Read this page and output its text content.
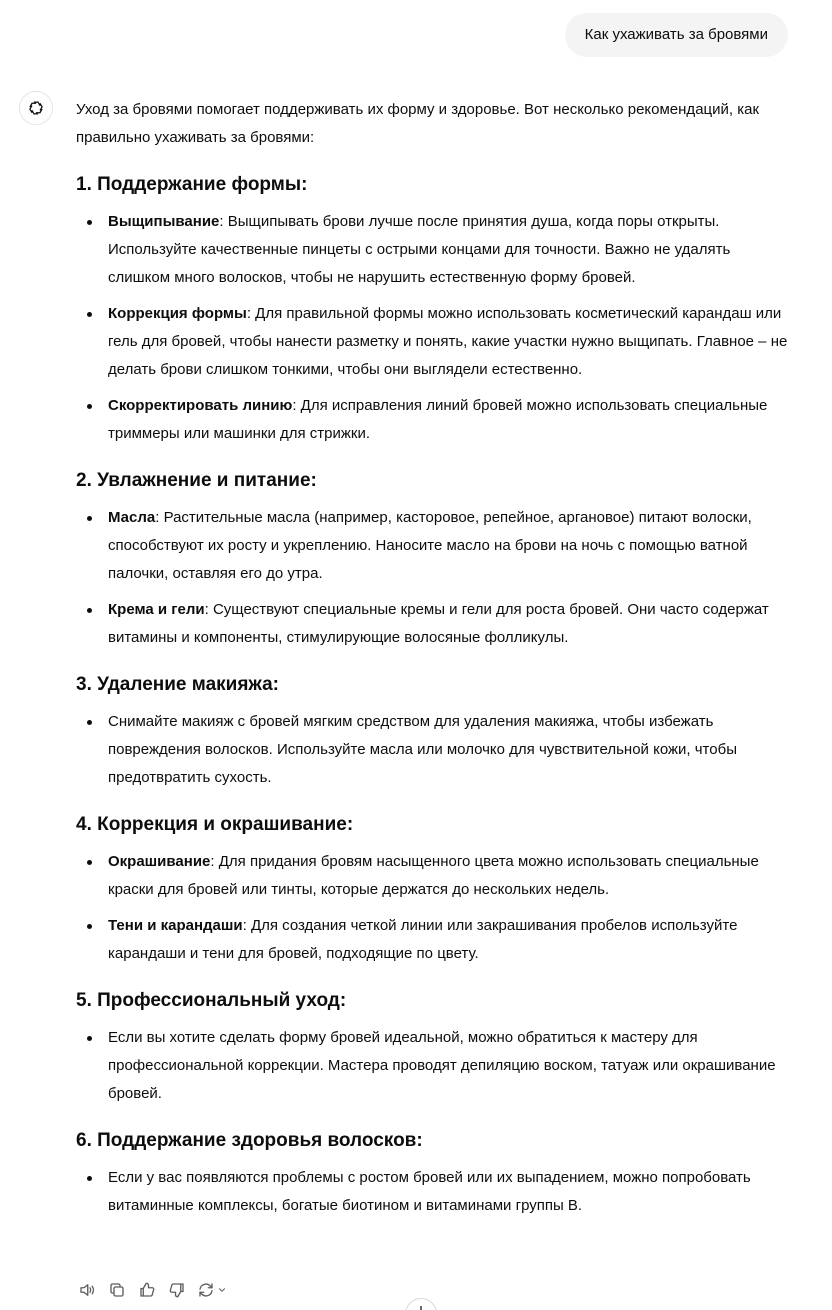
Как ухаживать за бровями

Уход за бровями помогает поддерживать их форму и здоровье. Вот несколько рекомендаций, как правильно ухаживать за бровями:

1. Поддержание формы:
Выщипывание: Выщипывать брови лучше после принятия душа, когда поры открыты. Используйте качественные пинцеты с острыми концами для точности. Важно не удалять слишком много волосков, чтобы не нарушить естественную форму бровей.
Коррекция формы: Для правильной формы можно использовать косметический карандаш или гель для бровей, чтобы нанести разметку и понять, какие участки нужно выщипать. Главное – не делать брови слишком тонкими, чтобы они выглядели естественно.
Скорректировать линию: Для исправления линий бровей можно использовать специальные триммеры или машинки для стрижки.
2. Увлажнение и питание:
Масла: Растительные масла (например, касторовое, репейное, аргановое) питают волоски, способствуют их росту и укреплению. Наносите масло на брови на ночь с помощью ватной палочки, оставляя его до утра.
Крема и гели: Существуют специальные кремы и гели для роста бровей. Они часто содержат витамины и компоненты, стимулирующие волосяные фолликулы.
3. Удаление макияжа:
Снимайте макияж с бровей мягким средством для удаления макияжа, чтобы избежать повреждения волосков. Используйте масла или молочко для чувствительной кожи, чтобы предотвратить сухость.
4. Коррекция и окрашивание:
Окрашивание: Для придания бровям насыщенного цвета можно использовать специальные краски для бровей или тинты, которые держатся до нескольких недель.
Тени и карандаши: Для создания четкой линии или закрашивания пробелов используйте карандаши и тени для бровей, подходящие по цвету.
5. Профессиональный уход:
Если вы хотите сделать форму бровей идеальной, можно обратиться к мастеру для профессиональной коррекции. Мастера проводят депиляцию воском, татуаж или окрашивание бровей.
6. Поддержание здоровья волосков:
Если у вас появляются проблемы с ростом бровей или их выпадением, можно попробовать витаминные комплексы, богатые биотином и витаминами группы B.
